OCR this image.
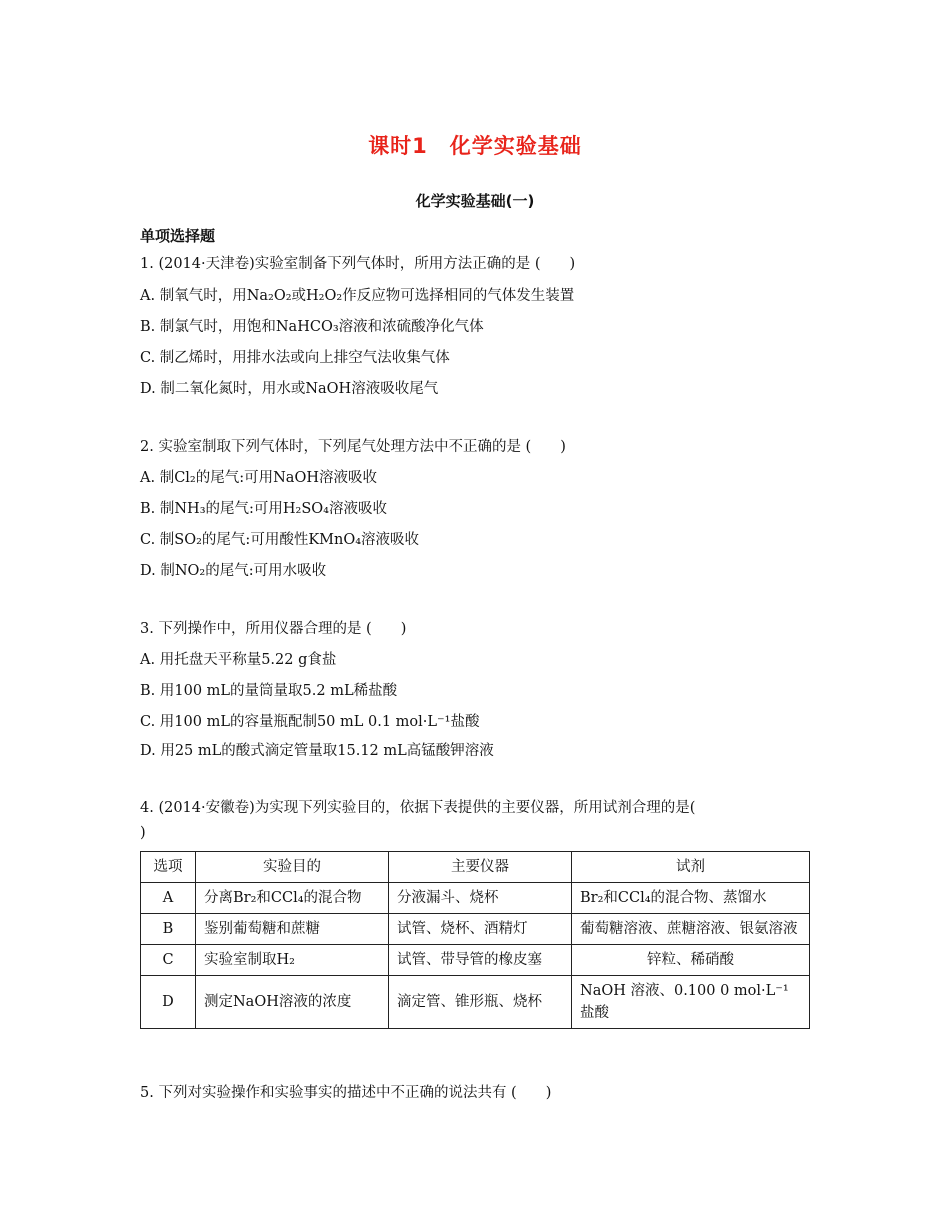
课时1　化学实验基础
化学实验基础(一)
单项选择题
1. (2014·天津卷)实验室制备下列气体时，所用方法正确的是 (　　)
A. 制氧气时，用Na₂O₂或H₂O₂作反应物可选择相同的气体发生装置
B. 制氯气时，用饱和NaHCO₃溶液和浓硫酸净化气体
C. 制乙烯时，用排水法或向上排空气法收集气体
D. 制二氧化氮时，用水或NaOH溶液吸收尾气
2. 实验室制取下列气体时，下列尾气处理方法中不正确的是 (　　)
A. 制Cl₂的尾气:可用NaOH溶液吸收
B. 制NH₃的尾气:可用H₂SO₄溶液吸收
C. 制SO₂的尾气:可用酸性KMnO₄溶液吸收
D. 制NO₂的尾气:可用水吸收
3. 下列操作中，所用仪器合理的是 (　　)
A. 用托盘天平称量5.22 g食盐
B. 用100 mL的量筒量取5.2 mL稀盐酸
C. 用100 mL的容量瓶配制50 mL 0.1 mol·L⁻¹盐酸
D. 用25 mL的酸式滴定管量取15.12 mL高锰酸钾溶液
4. (2014·安徽卷)为实现下列实验目的，依据下表提供的主要仪器，所用试剂合理的是(
)
选项	实验目的	主要仪器	试剂
A	分离Br₂和CCl₄的混合物	分液漏斗、烧杯	Br₂和CCl₄的混合物、蒸馏水
B	鉴别葡萄糖和蔗糖	试管、烧杯、酒精灯	葡萄糖溶液、蔗糖溶液、银氨溶液
C	实验室制取H₂	试管、带导管的橡皮塞	锌粒、稀硝酸
D	测定NaOH溶液的浓度	滴定管、锥形瓶、烧杯	NaOH 溶液、0.100 0 mol·L⁻¹盐酸
5. 下列对实验操作和实验事实的描述中不正确的说法共有 (　　)
